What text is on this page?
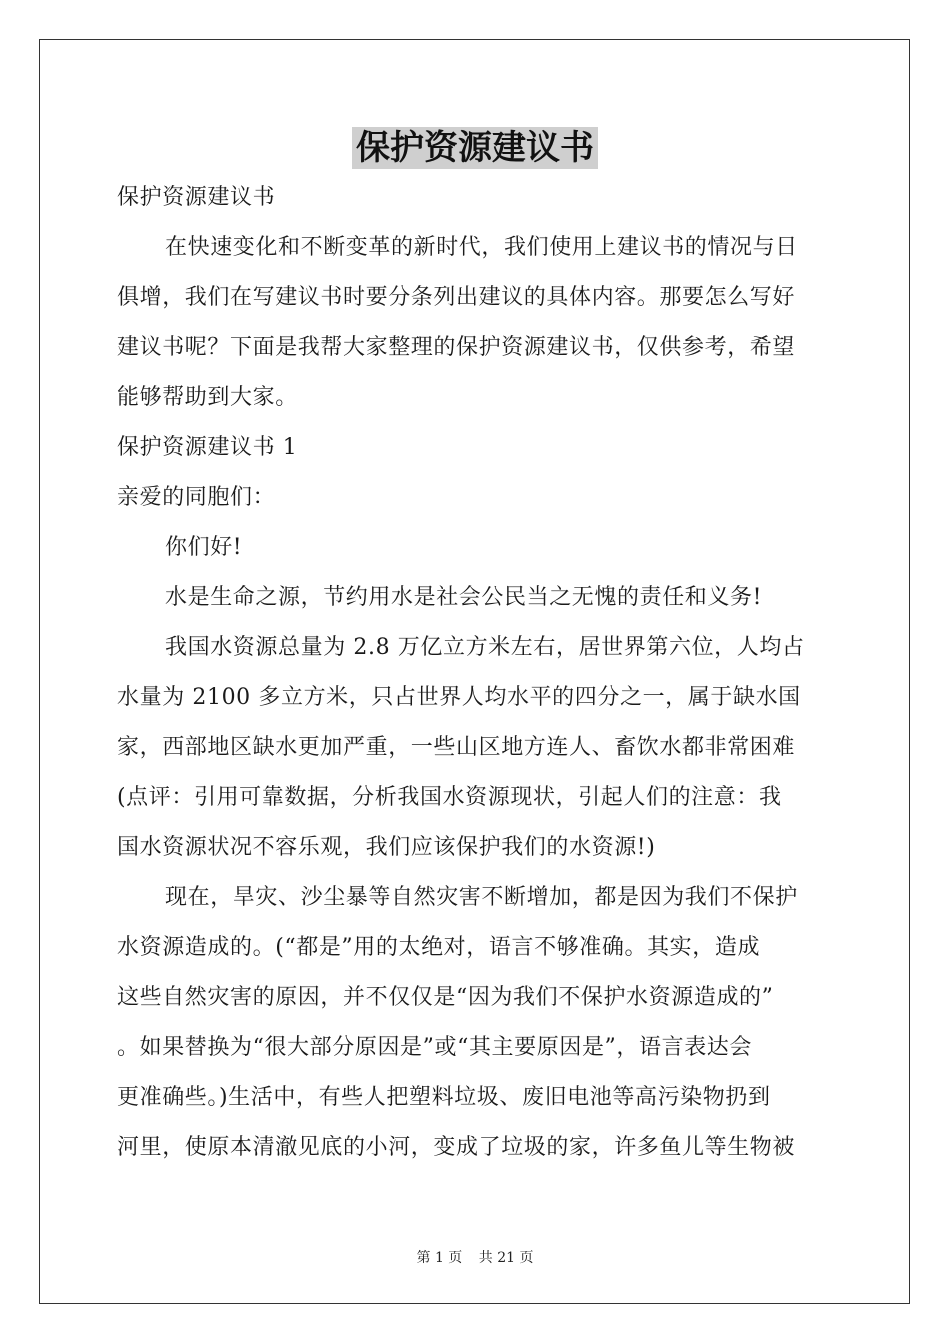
保护资源建议书
保护资源建议书
在快速变化和不断变革的新时代，我们使用上建议书的情况与日
俱增，我们在写建议书时要分条列出建议的具体内容。那要怎么写好
建议书呢？下面是我帮大家整理的保护资源建议书，仅供参考，希望
能够帮助到大家。
保护资源建议书 1
亲爱的同胞们：
你们好!
水是生命之源，节约用水是社会公民当之无愧的责任和义务!
我国水资源总量为 2.8 万亿立方米左右，居世界第六位，人均占
水量为 2100 多立方米，只占世界人均水平的四分之一，属于缺水国
家，西部地区缺水更加严重，一些山区地方连人、畜饮水都非常困难
(点评：引用可靠数据，分析我国水资源现状，引起人们的注意：我
国水资源状况不容乐观，我们应该保护我们的水资源!)
现在，旱灾、沙尘暴等自然灾害不断增加，都是因为我们不保护
水资源造成的。(“都是”用的太绝对，语言不够准确。其实，造成
这些自然灾害的原因，并不仅仅是“因为我们不保护水资源造成的”
。如果替换为“很大部分原因是”或“其主要原因是”，语言表达会
更准确些。)生活中，有些人把塑料垃圾、废旧电池等高污染物扔到
河里，使原本清澈见底的小河，变成了垃圾的家，许多鱼儿等生物被
第 1 页 共 21 页
